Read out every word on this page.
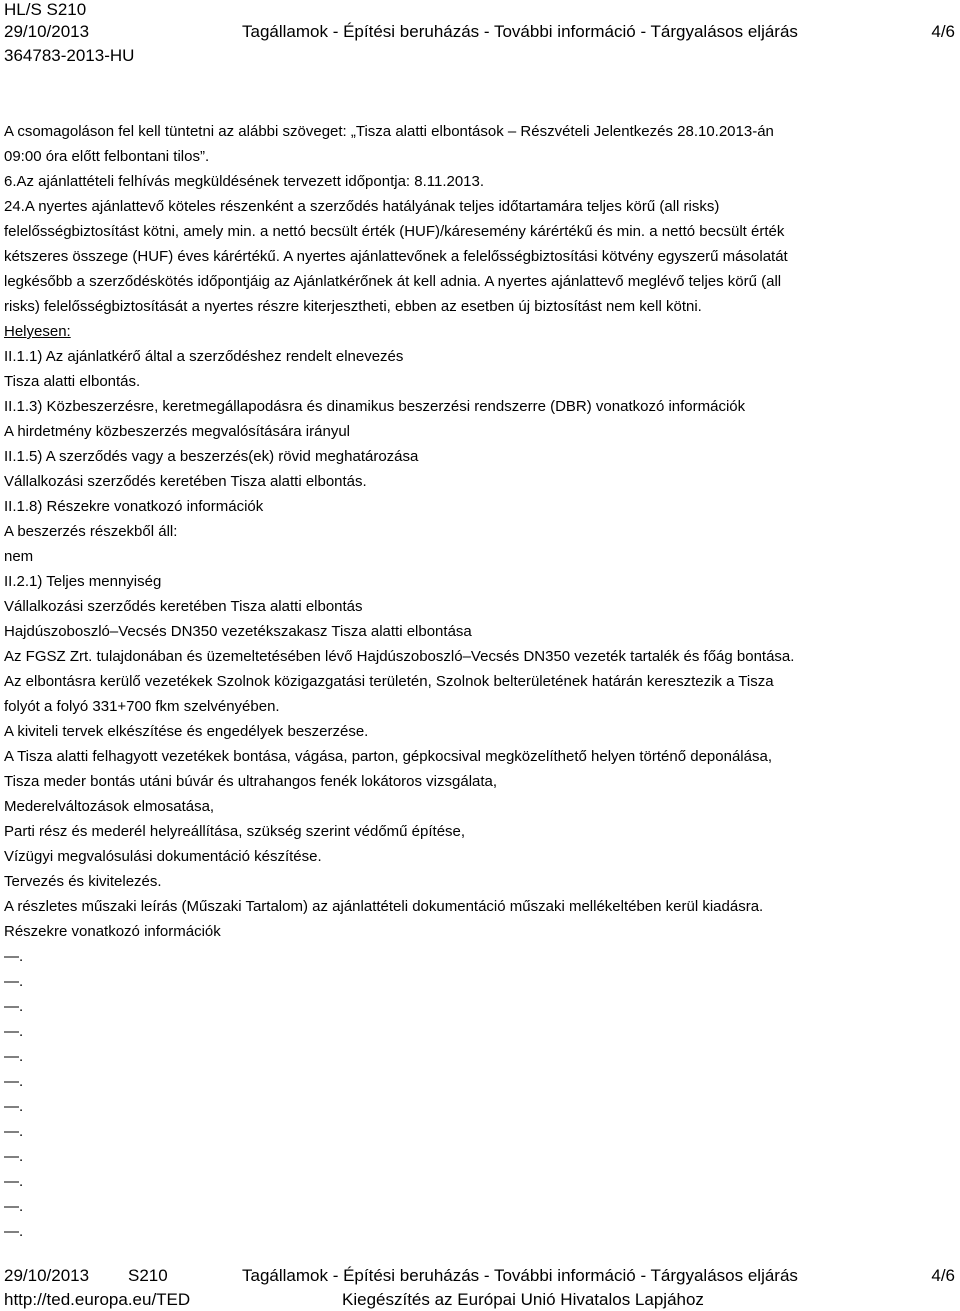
HL/S S210
29/10/2013	Tagállamok - Építési beruházás - További információ - Tárgyalásos eljárás	4/6
364783-2013-HU

A csomagoláson fel kell tüntetni az alábbi szöveget: „Tisza alatti elbontások – Részvételi Jelentkezés 28.10.2013-án

09:00 óra előtt felbontani tilos”.

6.Az ajánlattételi felhívás megküldésének tervezett időpontja: 8.11.2013.

24.A nyertes ajánlattevő köteles részenként a szerződés hatályának teljes időtartamára teljes körű (all risks)

felelősségbiztosítást kötni, amely min. a nettó becsült érték (HUF)/káresemény kárértékű és min. a nettó becsült érték

kétszeres összege (HUF) éves kárértékű. A nyertes ajánlattevőnek a felelősségbiztosítási kötvény egyszerű másolatát

legkésőbb a szerződéskötés időpontjáig az Ajánlatkérőnek át kell adnia. A nyertes ajánlattevő meglévő teljes körű (all

risks) felelősségbiztosítását a nyertes részre kiterjesztheti, ebben az esetben új biztosítást nem kell kötni.

Helyesen:

II.1.1) Az ajánlatkérő által a szerződéshez rendelt elnevezés

Tisza alatti elbontás.

II.1.3) Közbeszerzésre, keretmegállapodásra és dinamikus beszerzési rendszerre (DBR) vonatkozó információk

A hirdetmény közbeszerzés megvalósítására irányul

II.1.5) A szerződés vagy a beszerzés(ek) rövid meghatározása

Vállalkozási szerződés keretében Tisza alatti elbontás.

II.1.8) Részekre vonatkozó információk

A beszerzés részekből áll:

nem

II.2.1) Teljes mennyiség

Vállalkozási szerződés keretében Tisza alatti elbontás

Hajdúszoboszló–Vecsés DN350 vezetékszakasz Tisza alatti elbontása

Az FGSZ Zrt. tulajdonában és üzemeltetésében lévő Hajdúszoboszló–Vecsés DN350 vezeték tartalék és főág bontása.

Az elbontásra kerülő vezetékek Szolnok közigazgatási területén, Szolnok belterületének határán keresztezik a Tisza

folyót a folyó 331+700 fkm szelvényében.

A kiviteli tervek elkészítése és engedélyek beszerzése.

A Tisza alatti felhagyott vezetékek bontása, vágása, parton, gépkocsival megközelíthető helyen történő deponálása,

Tisza meder bontás utáni búvár és ultrahangos fenék lokátoros vizsgálata,

Mederelváltozások elmosatása,

Parti rész és mederél helyreállítása, szükség szerint védőmű építése,

Vízügyi megvalósulási dokumentáció készítése.

Tervezés és kivitelezés.

A részletes műszaki leírás (Műszaki Tartalom) az ajánlattételi dokumentáció műszaki mellékeltében kerül kiadásra.

Részekre vonatkozó információk

—.

—.

—.

—.

—.

—.

—.

—.

—.

—.

—.

—.

29/10/2013 S210	Tagállamok - Építési beruházás - További információ - Tárgyalásos eljárás	4/6
http://ted.europa.eu/TED	Kiegészítés az Európai Unió Hivatalos Lapjához
